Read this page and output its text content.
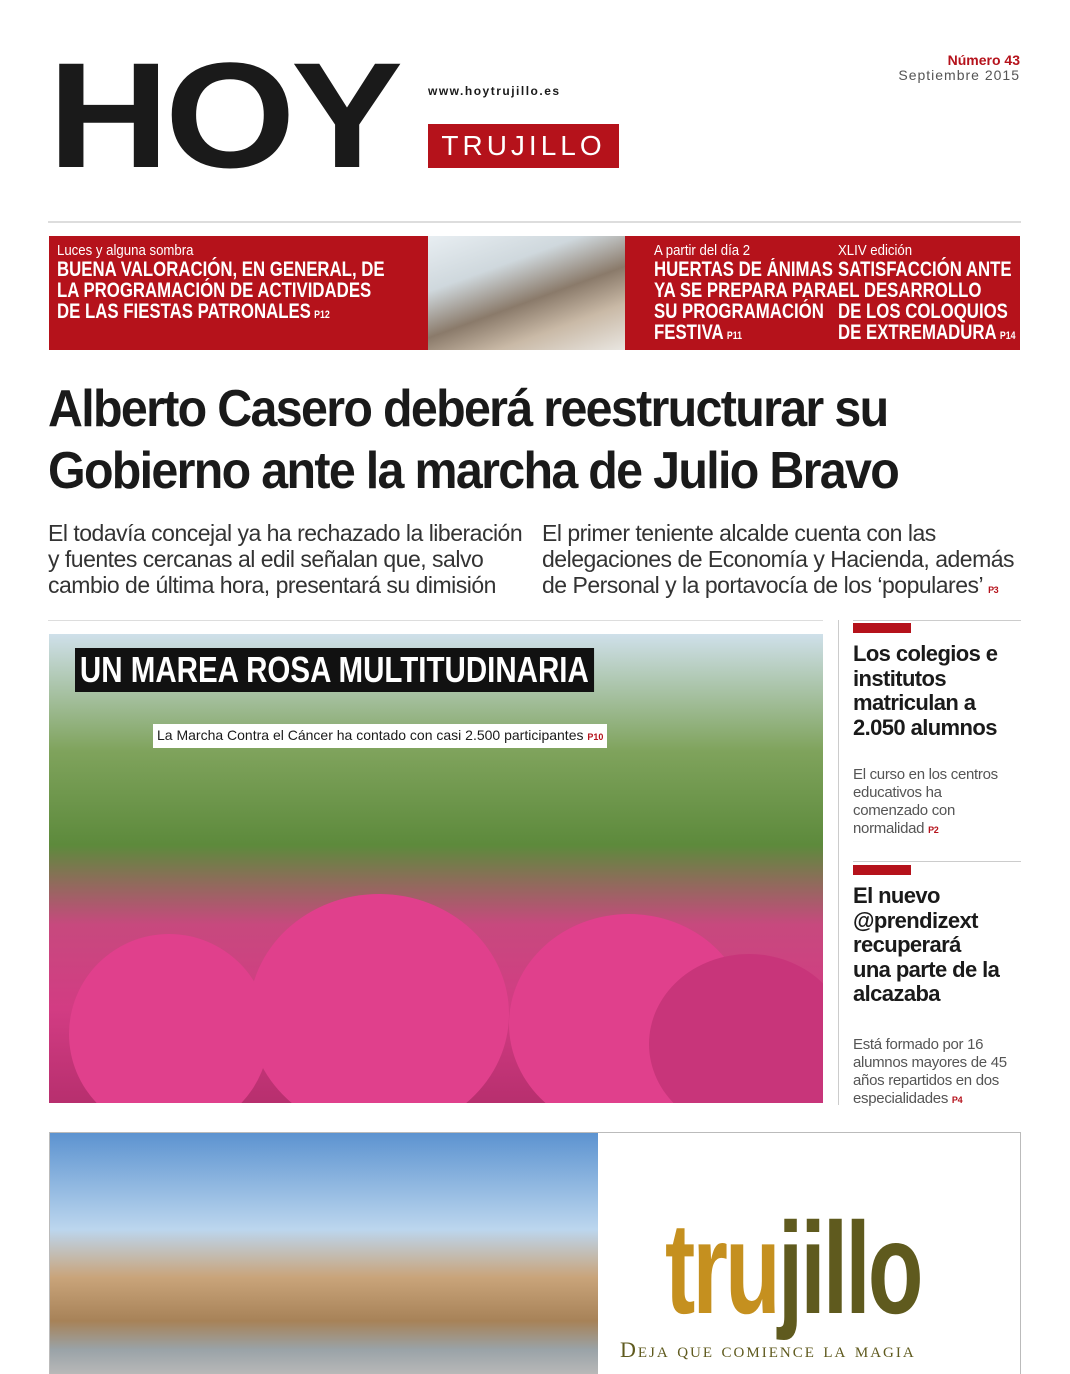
HOY www.hoytrujillo.es
TRUJILLO
Número 43
Septiembre 2015
Luces y alguna sombra
BUENA VALORACIÓN, EN GENERAL, DE
LA PROGRAMACIÓN DE ACTIVIDADES
DE LAS FIESTAS PATRONALES P12
A partir del día 2
HUERTAS DE ÁNIMAS
YA SE PREPARA PARA
SU PROGRAMACIÓN
FESTIVA P11
XLIV edición
SATISFACCIÓN ANTE
EL DESARROLLO
DE LOS COLOQUIOS
DE EXTREMADURA P14
Alberto Casero deberá reestructurar su
Gobierno ante la marcha de Julio Bravo
El todavía concejal ya ha rechazado la liberación y fuentes cercanas al edil señalan que, salvo cambio de última hora, presentará su dimisión
El primer teniente alcalde cuenta con las delegaciones de Economía y Hacienda, además de Personal y la portavocía de los ‘populares’ P3
UN MAREA ROSA MULTITUDINARIA
La Marcha Contra el Cáncer ha contado con casi 2.500 participantes P10
Los colegios e institutos matriculan a 2.050 alumnos
El curso en los centros educativos ha comenzado con normalidad P2
El nuevo @prendizext recuperará una parte de la alcazaba
Está formado por 16 alumnos mayores de 45 años repartidos en dos especialidades P4
trujillo
Deja que comience la magia
